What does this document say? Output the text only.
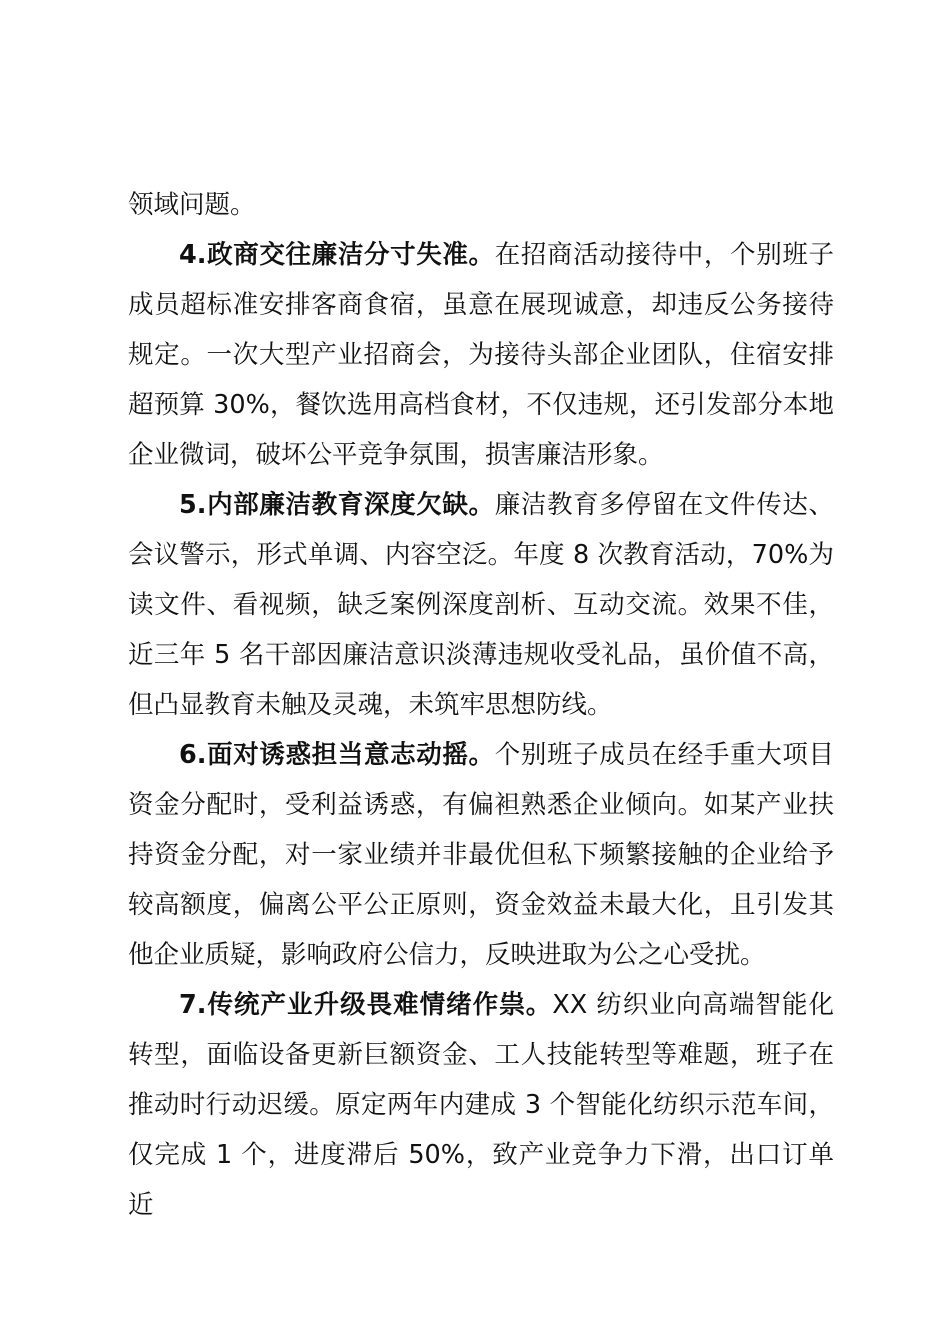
领域问题。

4.政商交往廉洁分寸失准。在招商活动接待中，个别班子成员超标准安排客商食宿，虽意在展现诚意，却违反公务接待规定。一次大型产业招商会，为接待头部企业团队，住宿安排超预算 30%，餐饮选用高档食材，不仅违规，还引发部分本地企业微词，破坏公平竞争氛围，损害廉洁形象。

5.内部廉洁教育深度欠缺。廉洁教育多停留在文件传达、会议警示，形式单调、内容空泛。年度 8 次教育活动，70%为读文件、看视频，缺乏案例深度剖析、互动交流。效果不佳，近三年 5 名干部因廉洁意识淡薄违规收受礼品，虽价值不高，但凸显教育未触及灵魂，未筑牢思想防线。

6.面对诱惑担当意志动摇。个别班子成员在经手重大项目资金分配时，受利益诱惑，有偏袒熟悉企业倾向。如某产业扶持资金分配，对一家业绩并非最优但私下频繁接触的企业给予较高额度，偏离公平公正原则，资金效益未最大化，且引发其他企业质疑，影响政府公信力，反映进取为公之心受扰。

7.传统产业升级畏难情绪作祟。XX 纺织业向高端智能化转型，面临设备更新巨额资金、工人技能转型等难题，班子在推动时行动迟缓。原定两年内建成 3 个智能化纺织示范车间，仅完成 1 个，进度滞后 50%，致产业竞争力下滑，出口订单近
